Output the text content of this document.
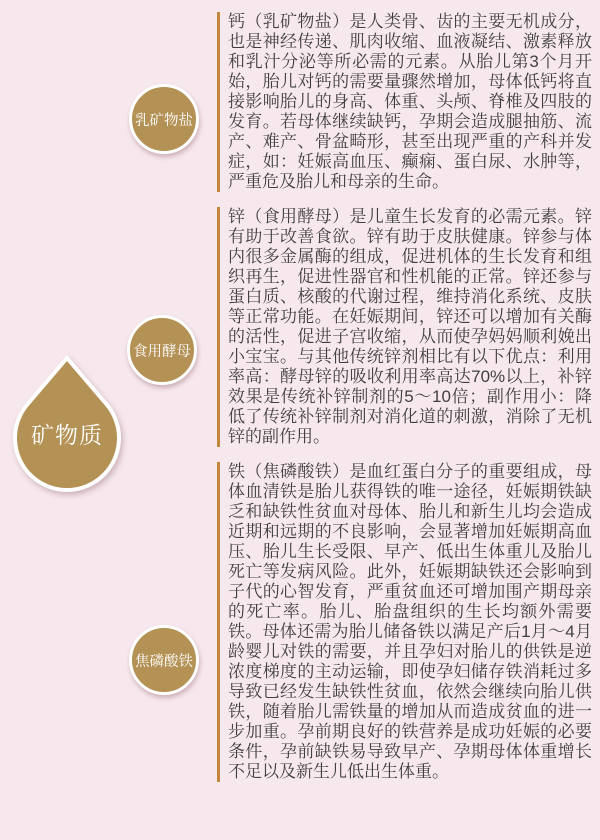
矿物质
乳矿物盐
食用酵母
焦磷酸铁
钙（乳矿物盐）是人类骨、齿的主要无机成分，也是神经传递、肌肉收缩、血液凝结、激素释放和乳汁分泌等所必需的元素。从胎儿第3个月开始，胎儿对钙的需要量骤然增加，母体低钙将直接影响胎儿的身高、体重、头颅、脊椎及四肢的发育。若母体继续缺钙，孕期会造成腿抽筋、流产、难产、骨盆畸形，甚至出现严重的产科并发症，如：妊娠高血压、癫痫、蛋白尿、水肿等，严重危及胎儿和母亲的生命。
锌（食用酵母）是儿童生长发育的必需元素。锌有助于改善食欲。锌有助于皮肤健康。锌参与体内很多金属酶的组成，促进机体的生长发育和组织再生，促进性器官和性机能的正常。锌还参与蛋白质、核酸的代谢过程，维持消化系统、皮肤等正常功能。在妊娠期间，锌还可以增加有关酶的活性，促进子宫收缩，从而使孕妈妈顺利娩出小宝宝。与其他传统锌剂相比有以下优点：利用率高：酵母锌的吸收利用率高达70%以上，补锌效果是传统补锌制剂的5～10倍；副作用小：降低了传统补锌制剂对消化道的刺激，消除了无机锌的副作用。
铁（焦磷酸铁）是血红蛋白分子的重要组成，母体血清铁是胎儿获得铁的唯一途径，妊娠期铁缺乏和缺铁性贫血对母体、胎儿和新生儿均会造成近期和远期的不良影响，会显著增加妊娠期高血压、胎儿生长受限、早产、低出生体重儿及胎儿死亡等发病风险。此外，妊娠期缺铁还会影响到子代的心智发育，严重贫血还可增加围产期母亲的死亡率。胎儿、胎盘组织的生长均额外需要铁。母体还需为胎儿储备铁以满足产后1月～4月龄婴儿对铁的需要，并且孕妇对胎儿的供铁是逆浓度梯度的主动运输，即使孕妇储存铁消耗过多导致已经发生缺铁性贫血，依然会继续向胎儿供铁，随着胎儿需铁量的增加从而造成贫血的进一步加重。孕前期良好的铁营养是成功妊娠的必要条件，孕前缺铁易导致早产、孕期母体体重增长不足以及新生儿低出生体重。
